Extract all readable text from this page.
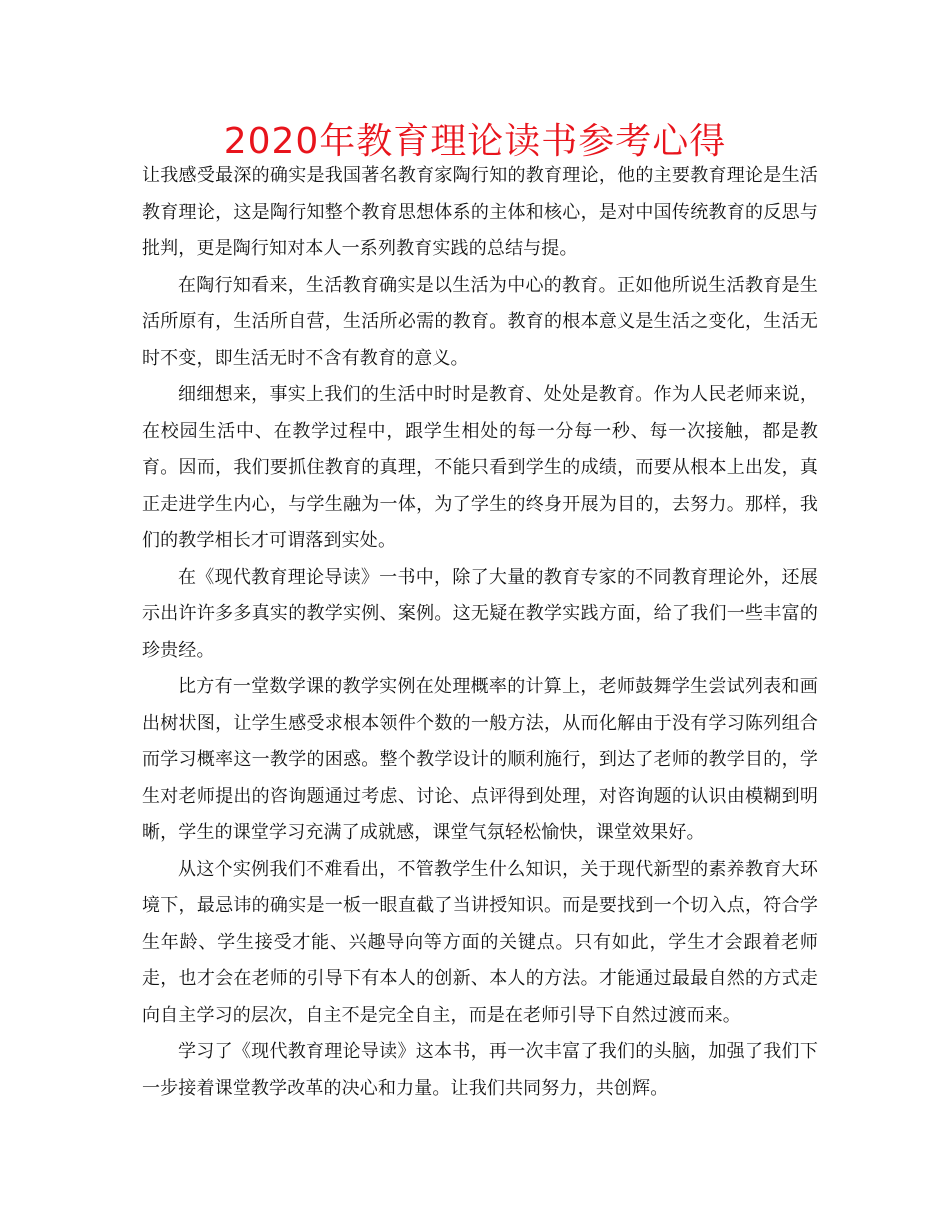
2020年教育理论读书参考心得

让我感受最深的确实是我国著名教育家陶行知的教育理论，他的主要教育理论是生活教育理论，这是陶行知整个教育思想体系的主体和核心，是对中国传统教育的反思与批判，更是陶行知对本人一系列教育实践的总结与提。

在陶行知看来，生活教育确实是以生活为中心的教育。正如他所说生活教育是生活所原有，生活所自营，生活所必需的教育。教育的根本意义是生活之变化，生活无时不变，即生活无时不含有教育的意义。

细细想来，事实上我们的生活中时时是教育、处处是教育。作为人民老师来说，在校园生活中、在教学过程中，跟学生相处的每一分每一秒、每一次接触，都是教育。因而，我们要抓住教育的真理，不能只看到学生的成绩，而要从根本上出发，真正走进学生内心，与学生融为一体，为了学生的终身开展为目的，去努力。那样，我们的教学相长才可谓落到实处。

在《现代教育理论导读》一书中，除了大量的教育专家的不同教育理论外，还展示出许许多多真实的教学实例、案例。这无疑在教学实践方面，给了我们一些丰富的珍贵经。

比方有一堂数学课的教学实例在处理概率的计算上，老师鼓舞学生尝试列表和画出树状图，让学生感受求根本领件个数的一般方法，从而化解由于没有学习陈列组合而学习概率这一教学的困惑。整个教学设计的顺利施行，到达了老师的教学目的，学生对老师提出的咨询题通过考虑、讨论、点评得到处理，对咨询题的认识由模糊到明晰，学生的课堂学习充满了成就感，课堂气氛轻松愉快，课堂效果好。

从这个实例我们不难看出，不管教学生什么知识，关于现代新型的素养教育大环境下，最忌讳的确实是一板一眼直截了当讲授知识。而是要找到一个切入点，符合学生年龄、学生接受才能、兴趣导向等方面的关键点。只有如此，学生才会跟着老师走，也才会在老师的引导下有本人的创新、本人的方法。才能通过最最自然的方式走向自主学习的层次，自主不是完全自主，而是在老师引导下自然过渡而来。

学习了《现代教育理论导读》这本书，再一次丰富了我们的头脑，加强了我们下一步接着课堂教学改革的决心和力量。让我们共同努力，共创辉。
